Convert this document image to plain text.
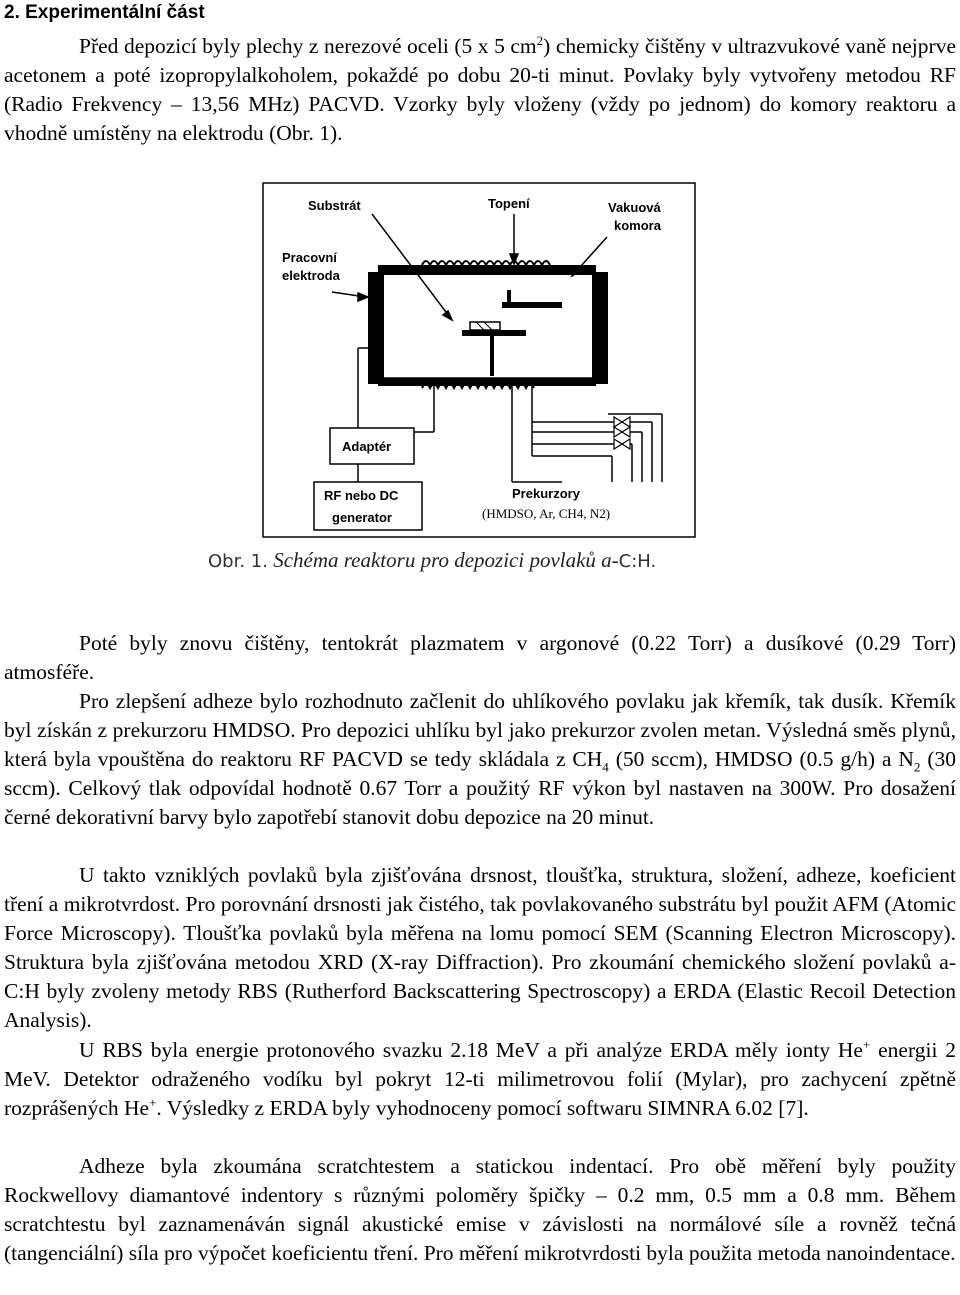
2. Experimentální část

Před depozicí byly plechy z nerezové oceli (5 x 5 $cm^2$) chemicky čištěny v ultrazvukové vaně nejprve acetonem a poté izopropylalkoholem, pokaždé po dobu 20-ti minut. Povlaky byly vytvořeny metodou RF (Radio Frekvency – 13,56 MHz) PACVD. Vzorky byly vloženy (vždy po jednom) do komory reaktoru a vhodně umístěny na elektrodu (Obr. 1).

Substrát	Topení	Vakuová
komora
Pracovní
elektroda
Adaptér
RF nebo DC
generator
Prekurzory
(HMDSO, Ar, CH4, N2)
Obr. 1. Schéma reaktoru pro depozici povlaků a-C:H.

Poté byly znovu čištěny, tentokrát plazmatem v argonové (0.22 Torr) a dusíkové (0.29 Torr) atmosféře.

Pro zlepšení adheze bylo rozhodnuto začlenit do uhlíkového povlaku jak křemík, tak dusík. Křemík byl získán z prekurzoru HMDSO. Pro depozici uhlíku byl jako prekurzor zvolen metan. Výsledná směs plynů, která byla vpouštěna do reaktoru RF PACVD se tedy skládala z $CH_4$ (50 sccm), HMDSO (0.5 g/h) a $N_2$ (30 sccm). Celkový tlak odpovídal hodnotě 0.67 Torr a použitý RF výkon byl nastaven na 300W. Pro dosažení černé dekorativní barvy bylo zapotřebí stanovit dobu depozice na 20 minut.

U takto vzniklých povlaků byla zjišťována drsnost, tloušťka, struktura, složení, adheze, koeficient tření a mikrotvrdost. Pro porovnání drsnosti jak čistého, tak povlakovaného substrátu byl použit AFM (Atomic Force Microscopy). Tloušťka povlaků byla měřena na lomu pomocí SEM (Scanning Electron Microscopy). Struktura byla zjišťována metodou XRD (X-ray Diffraction). Pro zkoumání chemického složení povlaků a-C:H byly zvoleny metody RBS (Rutherford Backscattering Spectroscopy) a ERDA (Elastic Recoil Detection Analysis).

U RBS byla energie protonového svazku 2.18 MeV a při analýze ERDA měly ionty He+ energii 2 MeV. Detektor odraženého vodíku byl pokryt 12-ti milimetrovou folií (Mylar), pro zachycení zpětně rozprášených He+. Výsledky z ERDA byly vyhodnoceny pomocí softwaru SIMNRA 6.02 [7].

Adheze byla zkoumána scratchtestem a statickou indentací. Pro obě měření byly použity Rockwellovy diamantové indentory s různými poloměry špičky – 0.2 mm, 0.5 mm a 0.8 mm. Během scratchtestu byl zaznamenáván signál akustické emise v závislosti na normálové síle a rovněž tečná (tangenciální) síla pro výpočet koeficientu tření. Pro měření mikrotvrdosti byla použita metoda nanoindentace.
